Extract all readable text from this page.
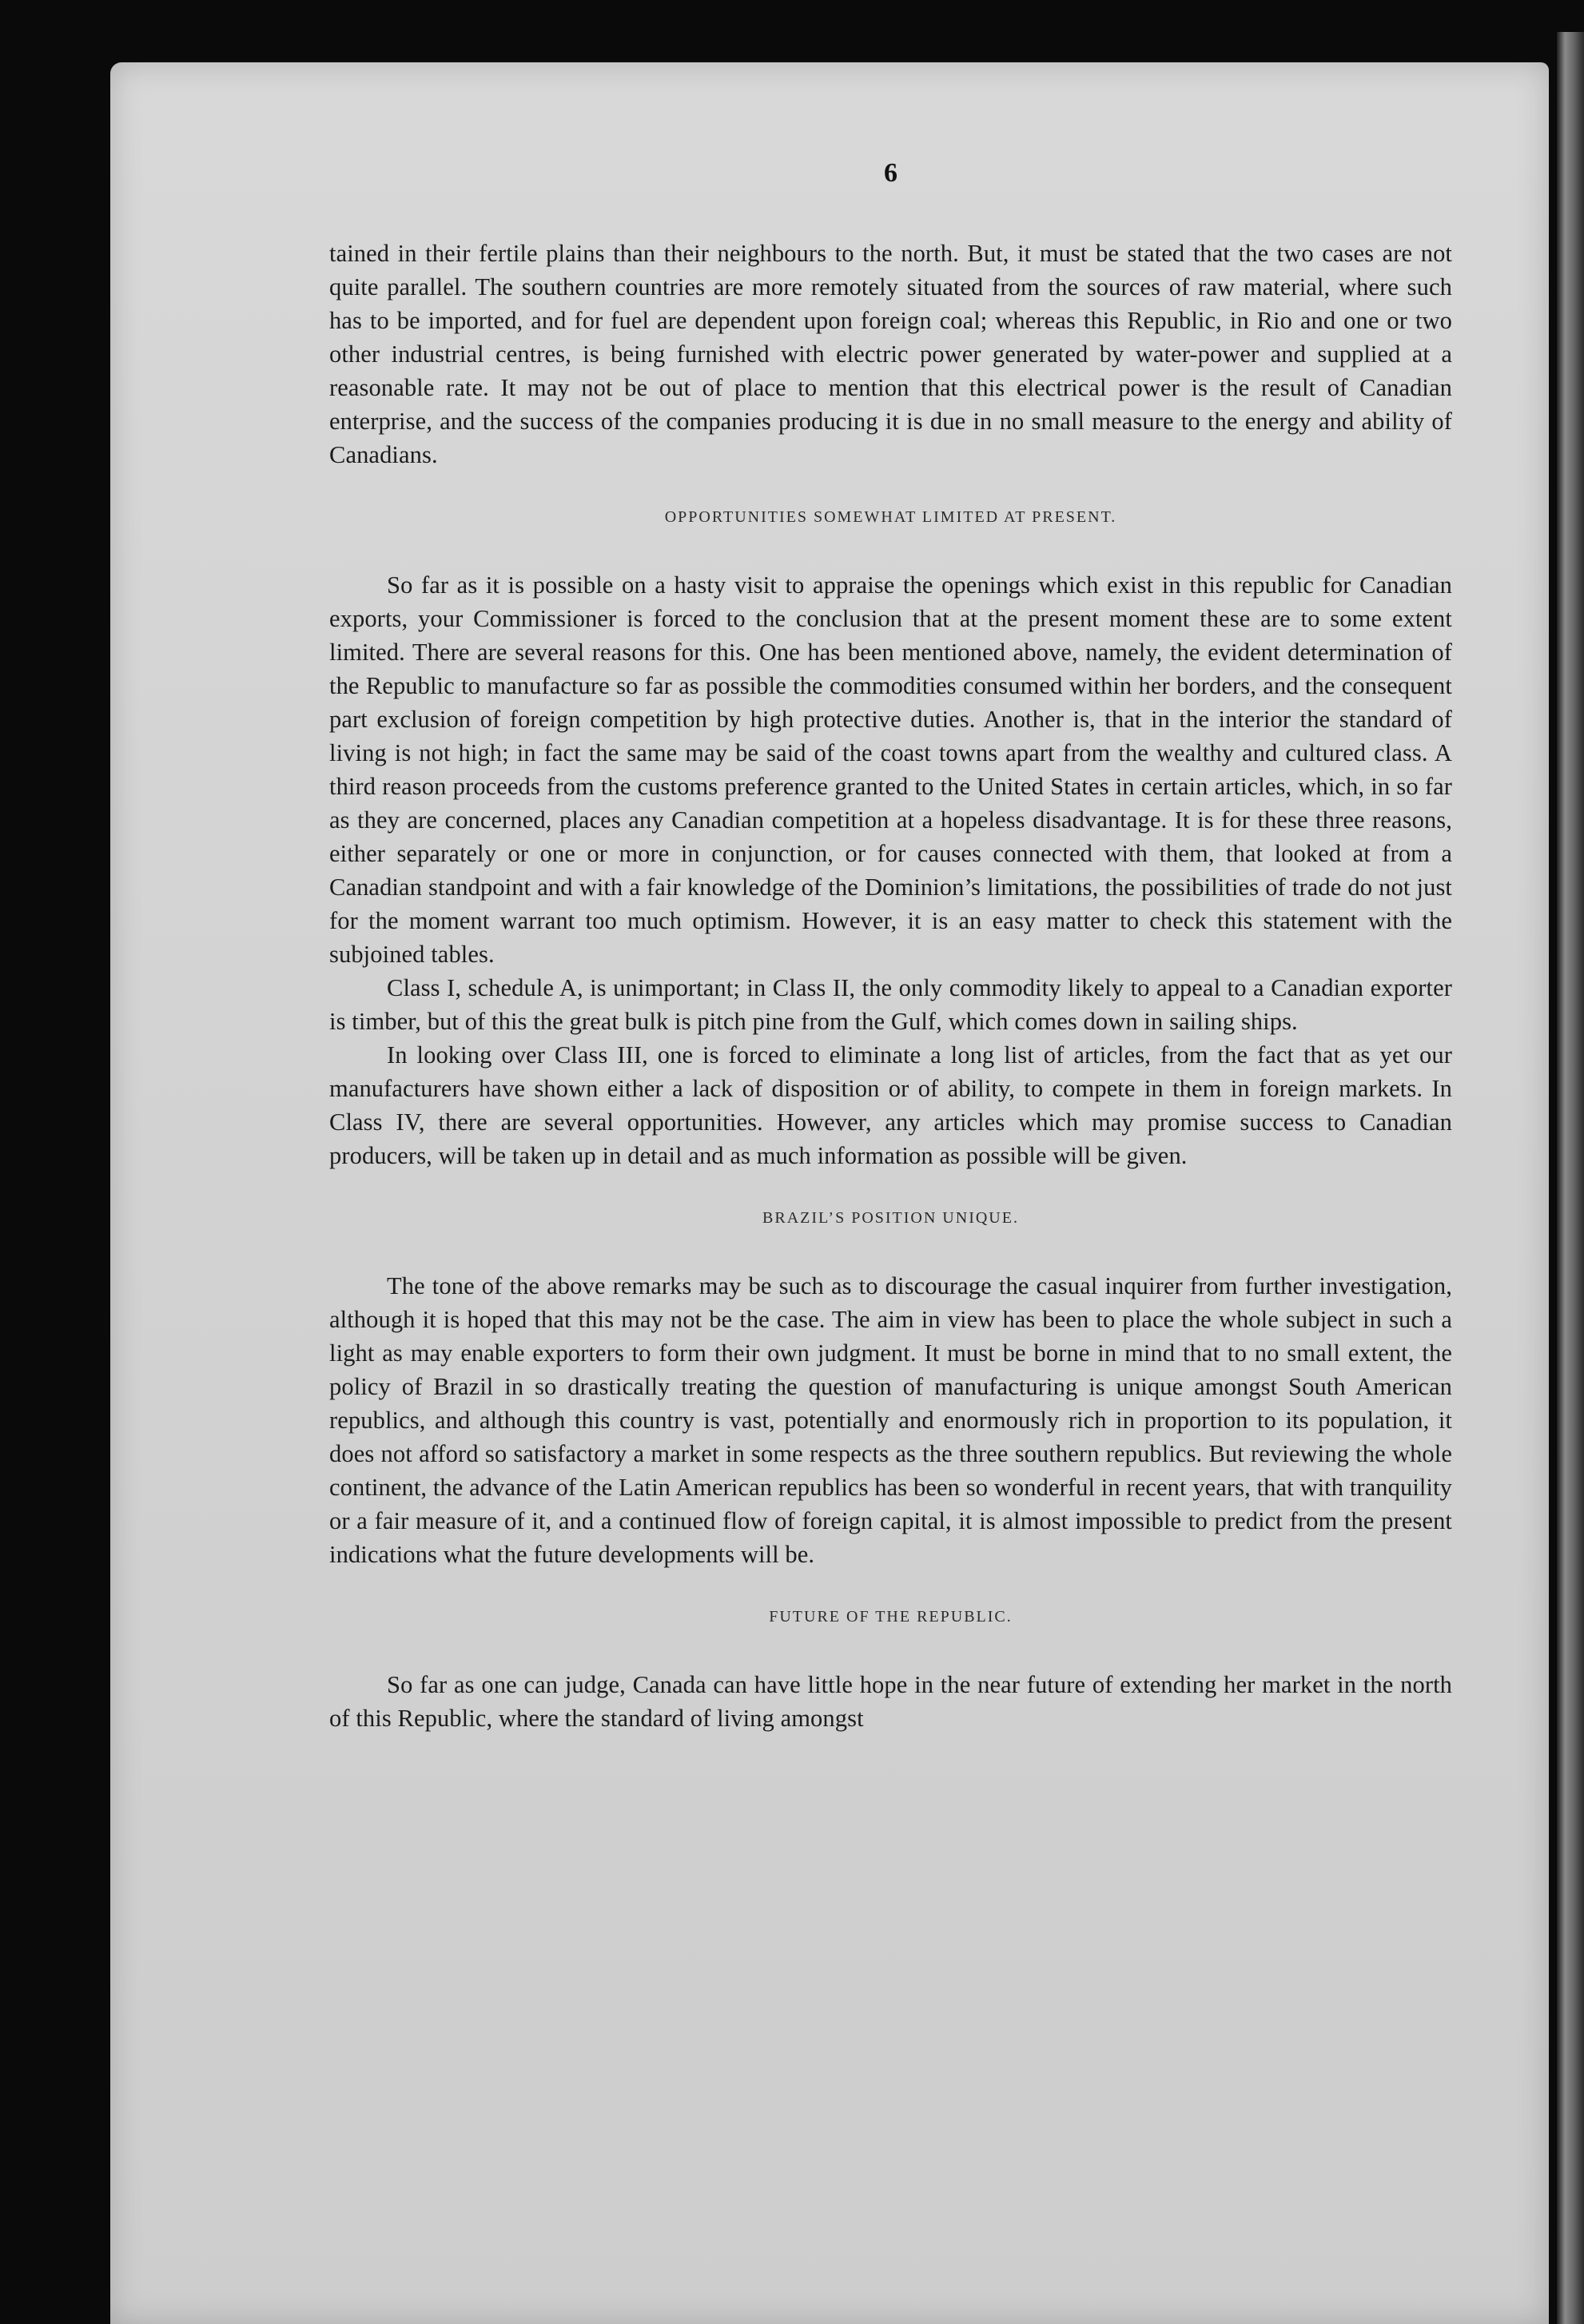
6

tained in their fertile plains than their neighbours to the north. But, it must be stated that the two cases are not quite parallel. The southern countries are more remotely situated from the sources of raw material, where such has to be imported, and for fuel are dependent upon foreign coal; whereas this Republic, in Rio and one or two other industrial centres, is being furnished with electric power generated by water-power and supplied at a reasonable rate. It may not be out of place to mention that this electrical power is the result of Canadian enterprise, and the success of the companies producing it is due in no small measure to the energy and ability of Canadians.

OPPORTUNITIES SOMEWHAT LIMITED AT PRESENT.

So far as it is possible on a hasty visit to appraise the openings which exist in this republic for Canadian exports, your Commissioner is forced to the conclusion that at the present moment these are to some extent limited. There are several reasons for this. One has been mentioned above, namely, the evident determination of the Republic to manufacture so far as possible the commodities consumed within her borders, and the consequent part exclusion of foreign competition by high protective duties. Another is, that in the interior the standard of living is not high; in fact the same may be said of the coast towns apart from the wealthy and cultured class. A third reason proceeds from the customs preference granted to the United States in certain articles, which, in so far as they are concerned, places any Canadian competition at a hopeless disadvantage. It is for these three reasons, either separately or one or more in conjunction, or for causes connected with them, that looked at from a Canadian standpoint and with a fair knowledge of the Dominion’s limitations, the possibilities of trade do not just for the moment warrant too much optimism. However, it is an easy matter to check this statement with the subjoined tables.

Class I, schedule A, is unimportant; in Class II, the only commodity likely to appeal to a Canadian exporter is timber, but of this the great bulk is pitch pine from the Gulf, which comes down in sailing ships.

In looking over Class III, one is forced to eliminate a long list of articles, from the fact that as yet our manufacturers have shown either a lack of disposition or of ability, to compete in them in foreign markets. In Class IV, there are several opportunities. However, any articles which may promise success to Canadian producers, will be taken up in detail and as much information as possible will be given.

BRAZIL’S POSITION UNIQUE.

The tone of the above remarks may be such as to discourage the casual inquirer from further investigation, although it is hoped that this may not be the case. The aim in view has been to place the whole subject in such a light as may enable exporters to form their own judgment. It must be borne in mind that to no small extent, the policy of Brazil in so drastically treating the question of manufacturing is unique amongst South American republics, and although this country is vast, potentially and enormously rich in proportion to its population, it does not afford so satisfactory a market in some respects as the three southern republics. But reviewing the whole continent, the advance of the Latin American republics has been so wonderful in recent years, that with tranquility or a fair measure of it, and a continued flow of foreign capital, it is almost impossible to predict from the present indications what the future developments will be.

FUTURE OF THE REPUBLIC.

So far as one can judge, Canada can have little hope in the near future of extending her market in the north of this Republic, where the standard of living amongst
